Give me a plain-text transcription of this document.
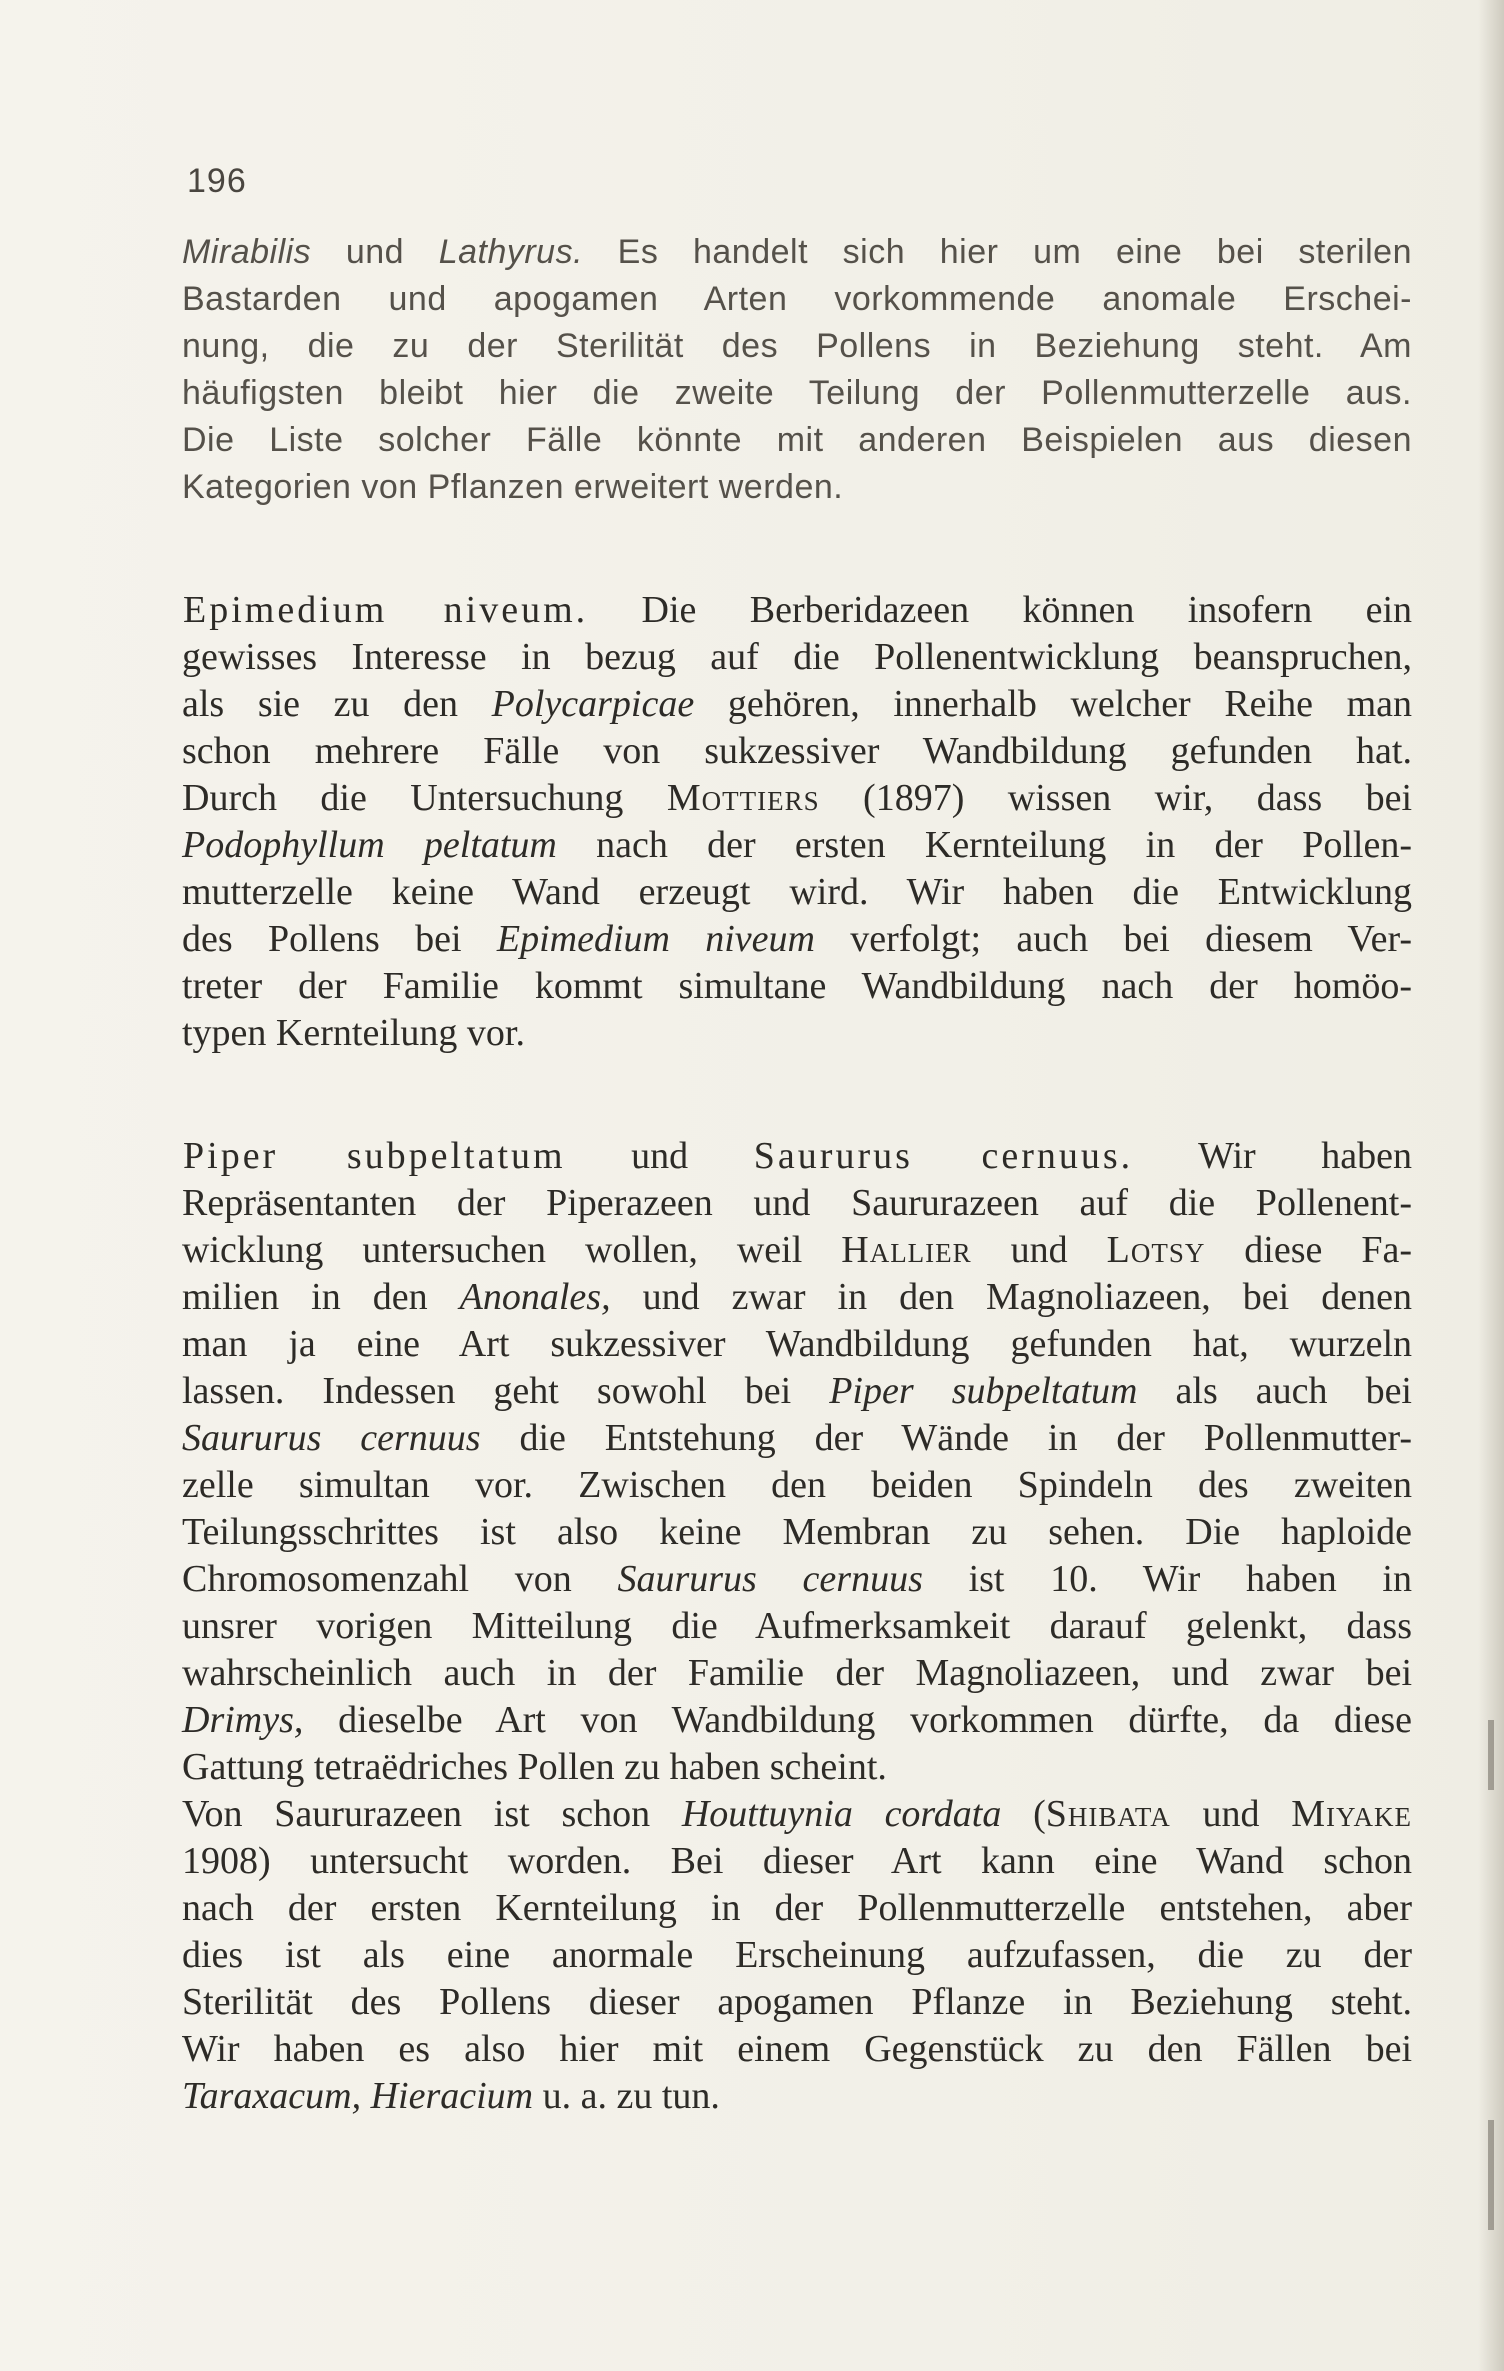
196
Mirabilis und Lathyrus. Es handelt sich hier um eine bei sterilen
Bastarden und apogamen Arten vorkommende anomale Erschei-
nung, die zu der Sterilität des Pollens in Beziehung steht. Am
häufigsten bleibt hier die zweite Teilung der Pollenmutterzelle aus.
Die Liste solcher Fälle könnte mit anderen Beispielen aus diesen
Kategorien von Pflanzen erweitert werden.
Epimedium niveum. Die Berberidazeen können insofern ein
gewisses Interesse in bezug auf die Pollenentwicklung beanspruchen,
als sie zu den Polycarpicae gehören, innerhalb welcher Reihe man
schon mehrere Fälle von sukzessiver Wandbildung gefunden hat.
Durch die Untersuchung Mottiers (1897) wissen wir, dass bei
Podophyllum peltatum nach der ersten Kernteilung in der Pollen-
mutterzelle keine Wand erzeugt wird. Wir haben die Entwicklung
des Pollens bei Epimedium niveum verfolgt; auch bei diesem Ver-
treter der Familie kommt simultane Wandbildung nach der homöo-
typen Kernteilung vor.
Piper subpeltatum und Saururus cernuus. Wir haben
Repräsentanten der Piperazeen und Saururazeen auf die Pollenent-
wicklung untersuchen wollen, weil Hallier und Lotsy diese Fa-
milien in den Anonales, und zwar in den Magnoliazeen, bei denen
man ja eine Art sukzessiver Wandbildung gefunden hat, wurzeln
lassen. Indessen geht sowohl bei Piper subpeltatum als auch bei
Saururus cernuus die Entstehung der Wände in der Pollenmutter-
zelle simultan vor. Zwischen den beiden Spindeln des zweiten
Teilungsschrittes ist also keine Membran zu sehen. Die haploide
Chromosomenzahl von Saururus cernuus ist 10. Wir haben in
unsrer vorigen Mitteilung die Aufmerksamkeit darauf gelenkt, dass
wahrscheinlich auch in der Familie der Magnoliazeen, und zwar bei
Drimys, dieselbe Art von Wandbildung vorkommen dürfte, da diese
Gattung tetraëdriches Pollen zu haben scheint.
Von Saururazeen ist schon Houttuynia cordata (Shibata und Miyake
1908) untersucht worden. Bei dieser Art kann eine Wand schon
nach der ersten Kernteilung in der Pollenmutterzelle entstehen, aber
dies ist als eine anormale Erscheinung aufzufassen, die zu der
Sterilität des Pollens dieser apogamen Pflanze in Beziehung steht.
Wir haben es also hier mit einem Gegenstück zu den Fällen bei
Taraxacum, Hieracium u. a. zu tun.
